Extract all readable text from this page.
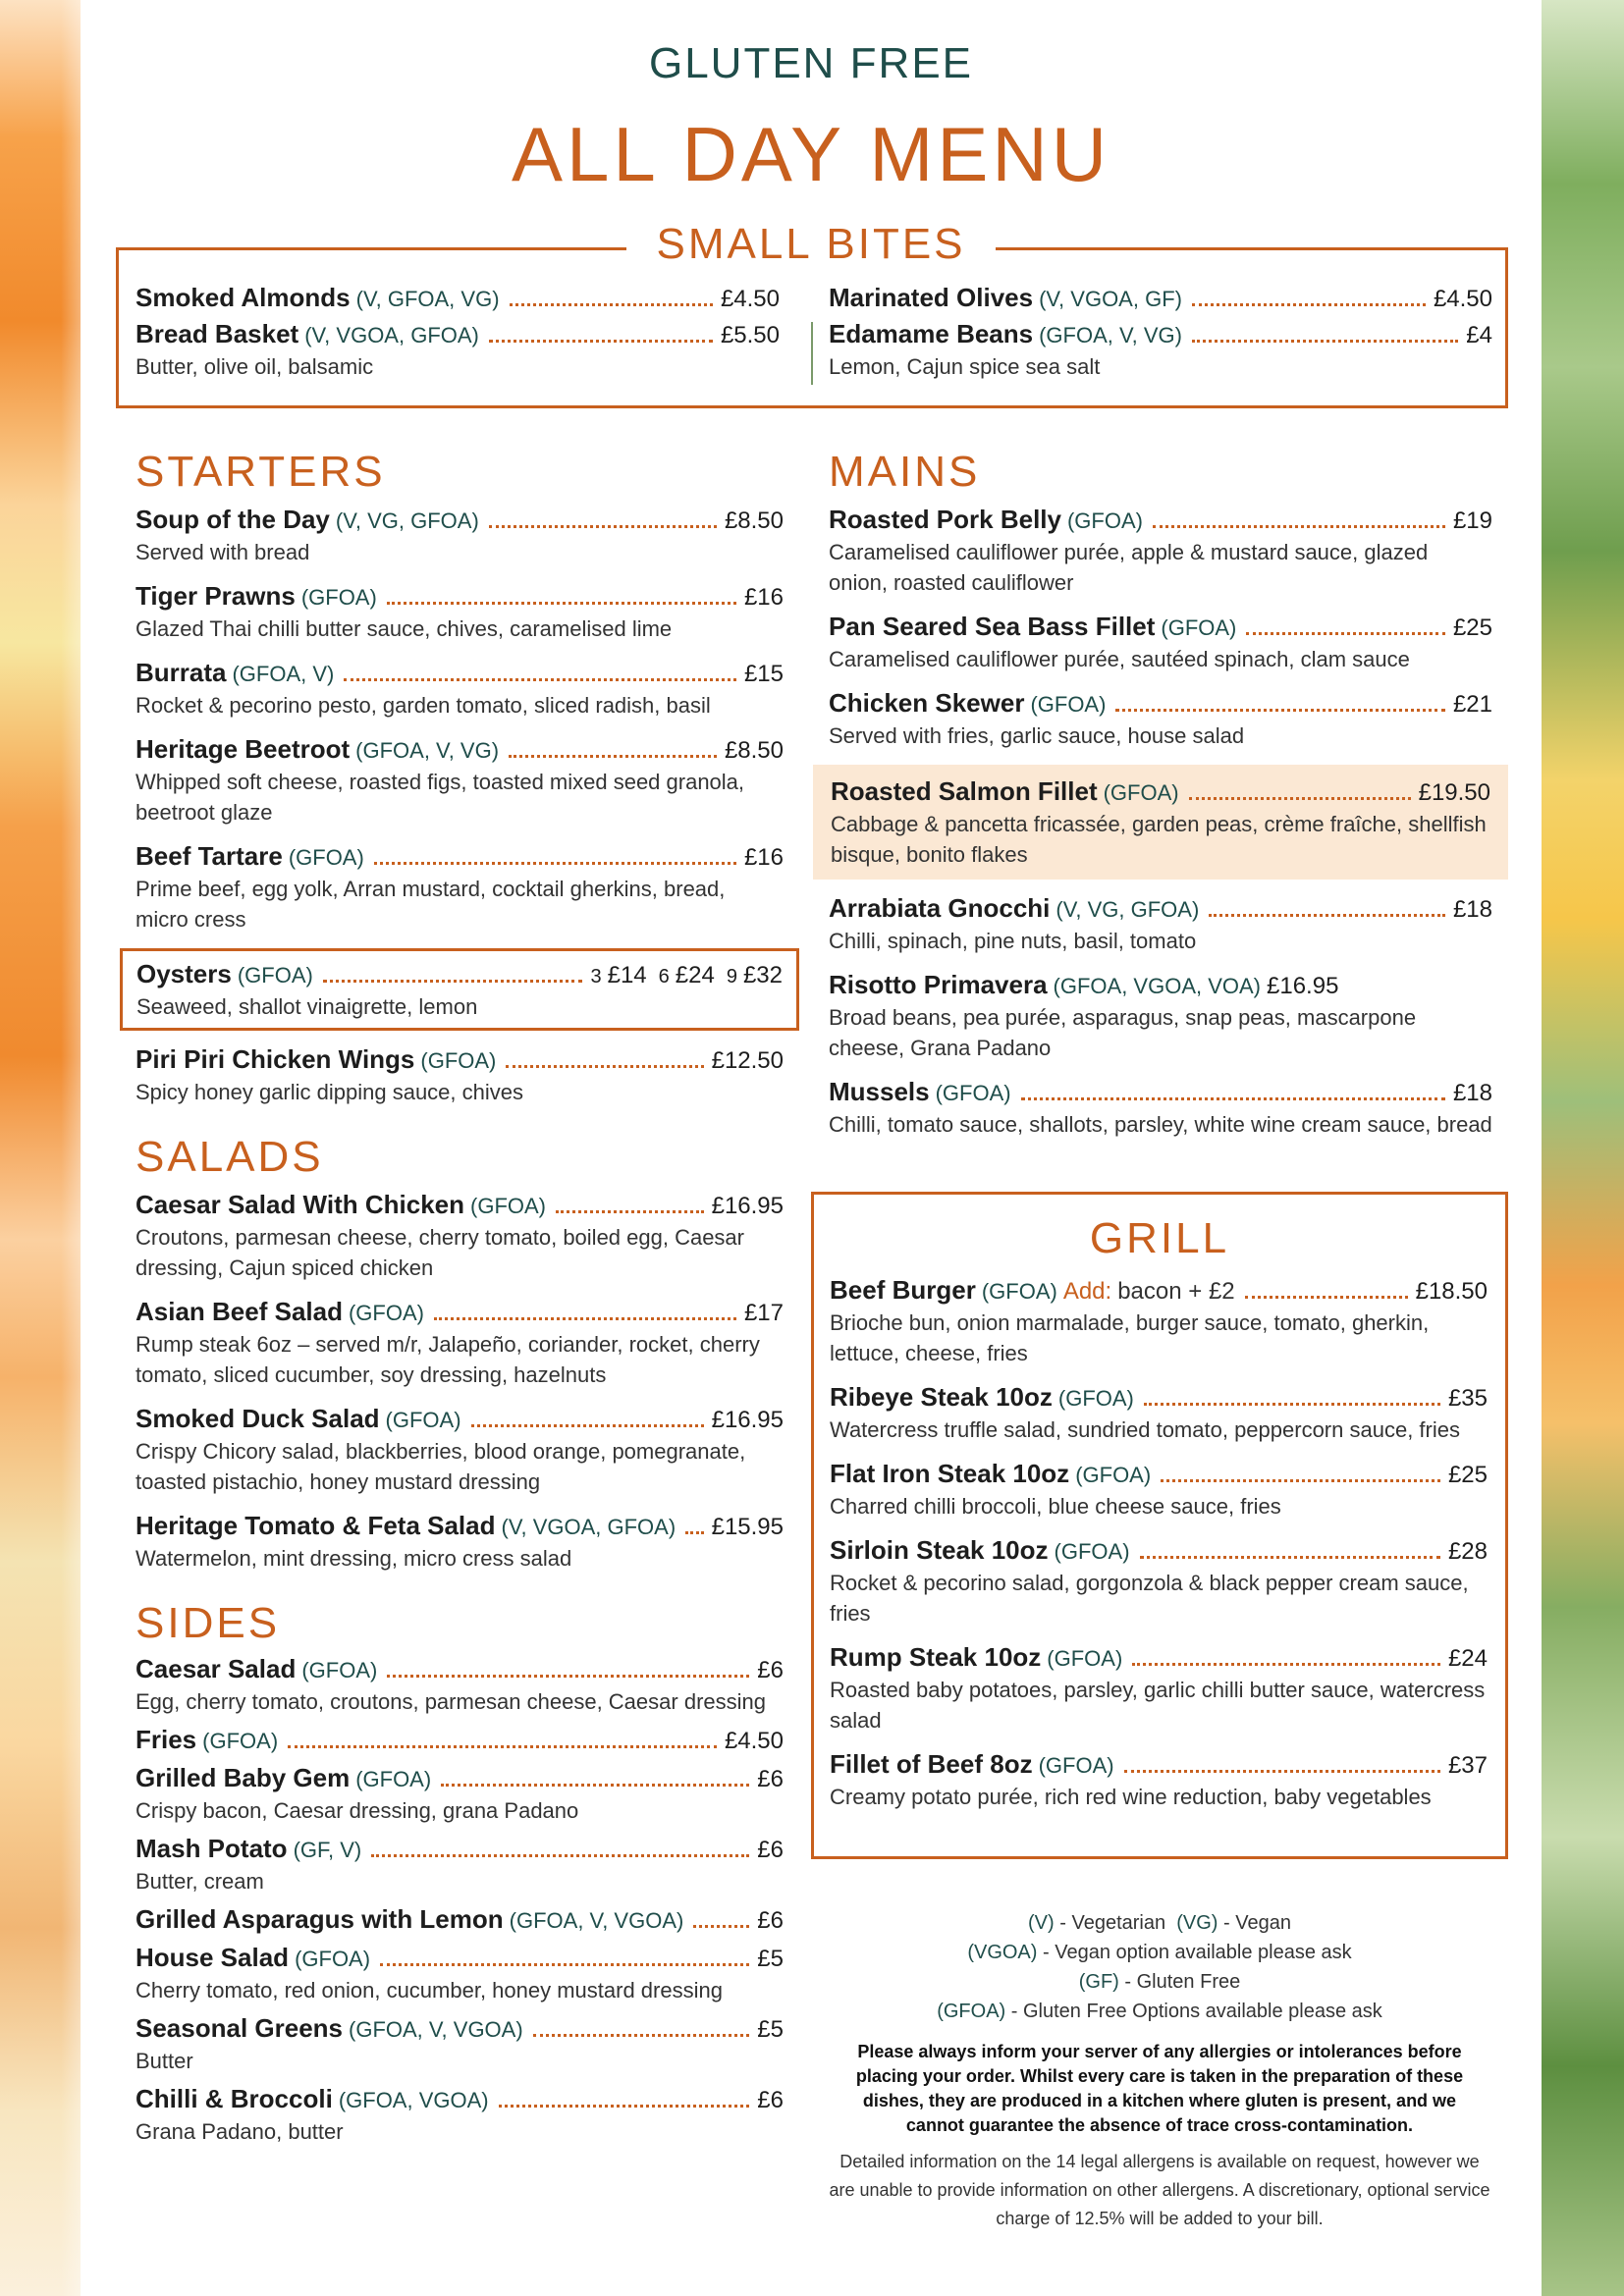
GLUTEN FREE
ALL DAY MENU
SMALL BITES
Smoked Almonds (V, GFOA, VG)	£4.50
Bread Basket (V, VGOA, GFOA)	£5.50
Butter, olive oil, balsamic
Marinated Olives (V, VGOA, GF)	£4.50
Edamame Beans (GFOA, V, VG)	£4
Lemon, Cajun spice sea salt
STARTERS
Soup of the Day (V, VG, GFOA)	£8.50
Served with bread
Tiger Prawns (GFOA)	£16
Glazed Thai chilli butter sauce, chives, caramelised lime
Burrata (GFOA, V)	£15
Rocket & pecorino pesto, garden tomato, sliced radish, basil
Heritage Beetroot (GFOA, V, VG)	£8.50
Whipped soft cheese, roasted figs, toasted mixed seed granola, beetroot glaze
Beef Tartare (GFOA)	£16
Prime beef, egg yolk, Arran mustard, cocktail gherkins, bread, micro cress
Oysters (GFOA)	3 £14 6 £24 9 £32
Seaweed, shallot vinaigrette, lemon
Piri Piri Chicken Wings (GFOA)	£12.50
Spicy honey garlic dipping sauce, chives
SALADS
Caesar Salad With Chicken (GFOA)	£16.95
Croutons, parmesan cheese, cherry tomato, boiled egg, Caesar dressing, Cajun spiced chicken
Asian Beef Salad (GFOA)	£17
Rump steak 6oz – served m/r, Jalapeño, coriander, rocket, cherry tomato, sliced cucumber, soy dressing, hazelnuts
Smoked Duck Salad (GFOA)	£16.95
Crispy Chicory salad, blackberries, blood orange, pomegranate, toasted pistachio, honey mustard dressing
Heritage Tomato & Feta Salad (V, VGOA, GFOA) £15.95
Watermelon, mint dressing, micro cress salad
SIDES
Caesar Salad (GFOA)	£6
Egg, cherry tomato, croutons, parmesan cheese, Caesar dressing
Fries (GFOA)	£4.50
Grilled Baby Gem (GFOA)	£6
Crispy bacon, Caesar dressing, grana Padano
Mash Potato (GF, V)	£6
Butter, cream
Grilled Asparagus with Lemon (GFOA, V, VGOA)	£6
House Salad (GFOA)	£5
Cherry tomato, red onion, cucumber, honey mustard dressing
Seasonal Greens (GFOA, V, VGOA)	£5
Butter
Chilli & Broccoli (GFOA, VGOA)	£6
Grana Padano, butter
MAINS
Roasted Pork Belly (GFOA)	£19
Caramelised cauliflower purée, apple & mustard sauce, glazed onion, roasted cauliflower
Pan Seared Sea Bass Fillet (GFOA)	£25
Caramelised cauliflower purée, sautéed spinach, clam sauce
Chicken Skewer (GFOA)	£21
Served with fries, garlic sauce, house salad
Roasted Salmon Fillet (GFOA)	£19.50
Cabbage & pancetta fricassée, garden peas, crème fraîche, shellfish bisque, bonito flakes
Arrabiata Gnocchi (V, VG, GFOA)	£18
Chilli, spinach, pine nuts, basil, tomato
Risotto Primavera (GFOA, VGOA, VOA) £16.95
Broad beans, pea purée, asparagus, snap peas, mascarpone cheese, Grana Padano
Mussels (GFOA)	£18
Chilli, tomato sauce, shallots, parsley, white wine cream sauce, bread
GRILL
Beef Burger (GFOA) Add: bacon + £2	£18.50
Brioche bun, onion marmalade, burger sauce, tomato, gherkin, lettuce, cheese, fries
Ribeye Steak 10oz (GFOA)	£35
Watercress truffle salad, sundried tomato, peppercorn sauce, fries
Flat Iron Steak 10oz (GFOA)	£25
Charred chilli broccoli, blue cheese sauce, fries
Sirloin Steak 10oz (GFOA)	£28
Rocket & pecorino salad, gorgonzola & black pepper cream sauce, fries
Rump Steak 10oz (GFOA)	£24
Roasted baby potatoes, parsley, garlic chilli butter sauce, watercress salad
Fillet of Beef 8oz (GFOA)	£37
Creamy potato purée, rich red wine reduction, baby vegetables
(V) - Vegetarian (VG) - Vegan
(VGOA) - Vegan option available please ask
(GF) - Gluten Free
(GFOA) - Gluten Free Options available please ask
Please always inform your server of any allergies or intolerances before placing your order. Whilst every care is taken in the preparation of these dishes, they are produced in a kitchen where gluten is present, and we cannot guarantee the absence of trace cross-contamination.
Detailed information on the 14 legal allergens is available on request, however we are unable to provide information on other allergens. A discretionary, optional service charge of 12.5% will be added to your bill.
